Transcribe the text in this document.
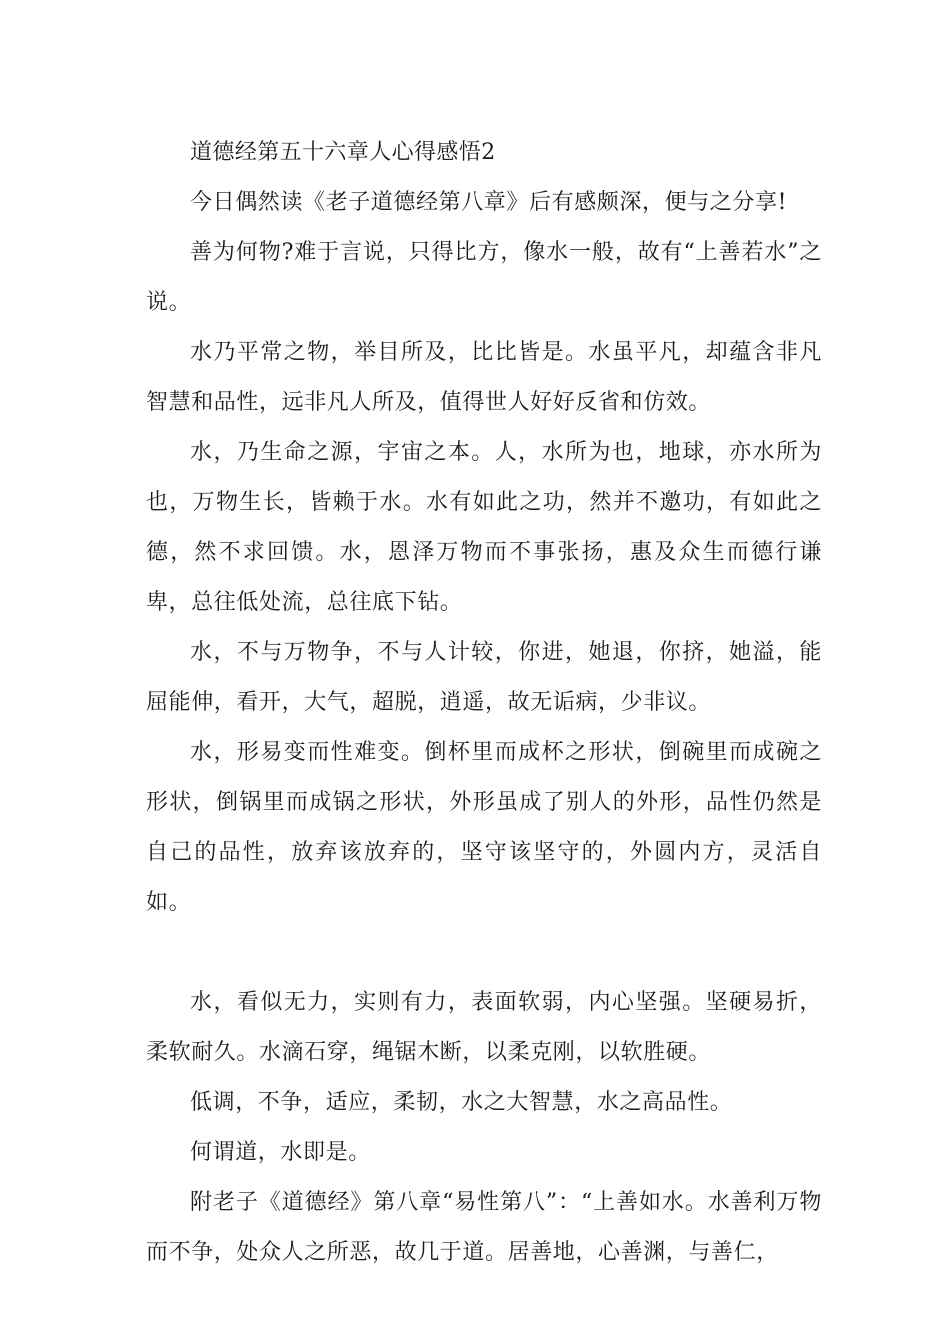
道德经第五十六章人心得感悟2

今日偶然读《老子道德经第八章》后有感颇深，便与之分享!

善为何物?难于言说，只得比方，像水一般，故有“上善若水”之说。

水乃平常之物，举目所及，比比皆是。水虽平凡，却蕴含非凡智慧和品性，远非凡人所及，值得世人好好反省和仿效。

水，乃生命之源，宇宙之本。人，水所为也，地球，亦水所为也，万物生长，皆赖于水。水有如此之功，然并不邀功，有如此之德，然不求回馈。水，恩泽万物而不事张扬，惠及众生而德行谦卑，总往低处流，总往底下钻。

水，不与万物争，不与人计较，你进，她退，你挤，她溢，能屈能伸，看开，大气，超脱，逍遥，故无诟病，少非议。

水，形易变而性难变。倒杯里而成杯之形状，倒碗里而成碗之形状，倒锅里而成锅之形状，外形虽成了别人的外形，品性仍然是自己的品性，放弃该放弃的，坚守该坚守的，外圆内方，灵活自如。

水，看似无力，实则有力，表面软弱，内心坚强。坚硬易折，柔软耐久。水滴石穿，绳锯木断，以柔克刚，以软胜硬。

低调，不争，适应，柔韧，水之大智慧，水之高品性。

何谓道，水即是。

附老子《道德经》第八章“易性第八”：“上善如水。水善利万物而不争，处众人之所恶，故几于道。居善地，心善渊，与善仁，
